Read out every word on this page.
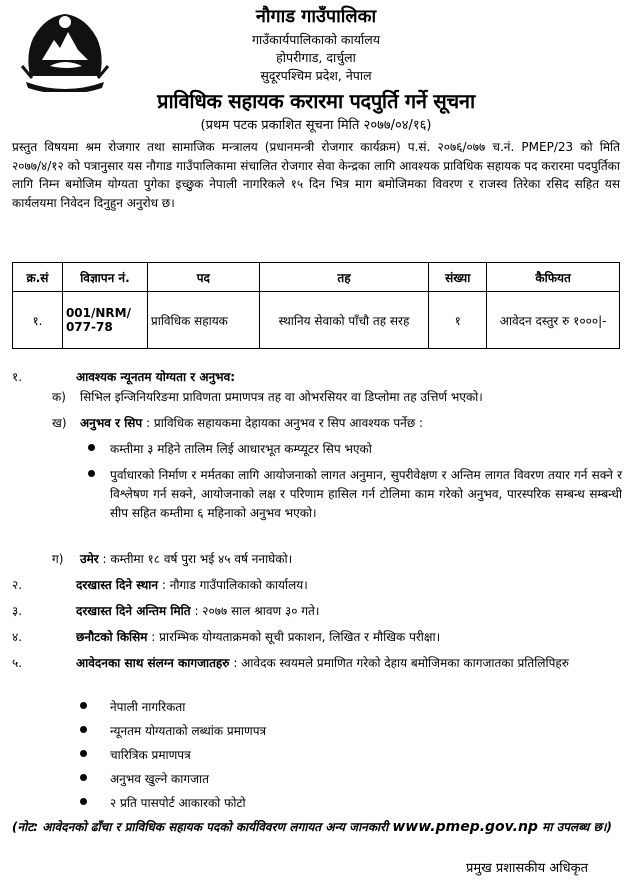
नौगाड गाउँपालिका
गाउँकार्यपालिकाको कार्यालय
होपरीगाड, दार्चुला
सुदूरपश्चिम प्रदेश, नेपाल
प्राविधिक सहायक करारमा पदपुर्ति गर्ने सूचना
(प्रथम पटक प्रकाशित सूचना मिति २०७७/०४/१६)
प्रस्तुत विषयमा श्रम रोजगार तथा सामाजिक मन्त्रालय (प्रधानमन्त्री रोजगार कार्यक्रम) प.सं. २०७६/०७७ च.नं. PMEP/23 को मिति २०७७/४/१२ को पत्रानुसार यस नौगाड गाउँपालिकामा संचालित रोजगार सेवा केन्द्रका लागि आवश्यक प्राविधिक सहायक पद करारमा पदपुर्तिका लागि निम्न बमोजिम योग्यता पुगेका इच्छुक नेपाली नागरिकले १५ दिन भित्र माग बमोजिमका विवरण र राजस्व तिरेका रसिद सहित यस कार्यलयमा निवेदन दिनुहुन अनुरोध छ।
क्र.सं	विज्ञापन नं.	पद	तह	संख्या	कैफियत
१.	001/NRM/ 077-78	प्राविधिक सहायक	स्थानिय सेवाको पाँचौ तह सरह	१	आवेदन दस्तुर रु १०००|-
१.	आवश्यक न्यूनतम योग्यता र अनुभव:
क) सिभिल इन्जिनियरिङमा प्राविणता प्रमाणपत्र तह वा ओभरसियर वा डिप्लोमा तह उत्तिर्ण भएको।
ख) अनुभव र सिप : प्राविधिक सहायकमा देहायका अनुभव र सिप आवश्यक पर्नेछ :
कम्तीमा ३ महिने तालिम लिई आधारभूत कम्प्यूटर सिप भएको
पुर्वाधारको निर्माण र मर्मतका लागि आयोजनाको लागत अनुमान, सुपरीवेक्षण र अन्तिम लागत विवरण तयार गर्न सक्ने र विश्लेषण गर्न सक्ने, आयोजनाको लक्ष र परिणाम हासिल गर्न टोलिमा काम गरेको अनुभव, पारस्परिक सम्बन्ध सम्बन्धी सीप सहित कम्तीमा ६ महिनाको अनुभव भएको।
ग) उमेर : कम्तीमा १८ वर्ष पुरा भई ४५ वर्ष ननाघेको।
२.	दरखास्त दिने स्थान : नौगाड गाउँपालिकाको कार्यालय।
३.	दरखास्त दिने अन्तिम मिति : २०७७ साल श्रावण ३० गते।
४.	छनौटको किसिम : प्रारम्भिक योग्यताक्रमको सूची प्रकाशन, लिखित र मौखिक परीक्षा।
५.	आवेदनका साथ संलग्न कागजातहरु : आवेदक स्वयमले प्रमाणित गरेको देहाय बमोजिमका कागजातका प्रतिलिपिहरु
नेपाली नागरिकता
न्यूनतम योग्यताको लब्धांक प्रमाणपत्र
चारित्रिक प्रमाणपत्र
अनुभव खुल्ने कागजात
२ प्रति पासपोर्ट आकारको फोटो
(नोट: आवेदनको ढाँचा र प्राविधिक सहायक पदको कार्यविवरण लगायत अन्य जानकारी www.pmep.gov.np मा उपलब्ध छ।)
प्रमुख प्रशासकीय अधिकृत
